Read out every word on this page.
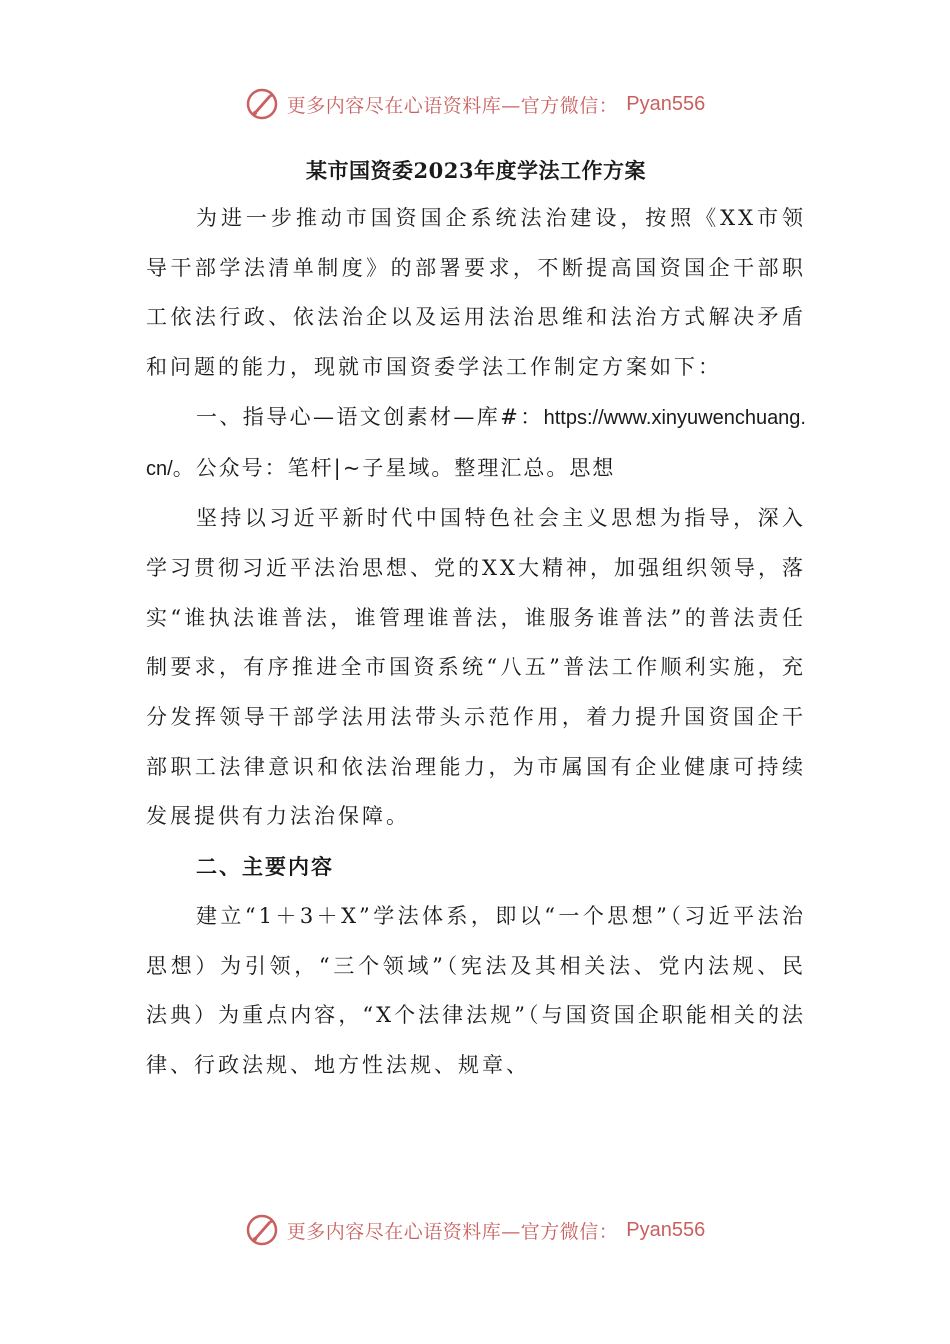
更多内容尽在心语资料库—官方微信： Pyan556
某市国资委2023年度学法工作方案

为进一步推动市国资国企系统法治建设，按照《XX市领导干部学法清单制度》的部署要求，不断提高国资国企干部职工依法行政、依法治企以及运用法治思维和法治方式解决矛盾和问题的能力，现就市国资委学法工作制定方案如下：

一、指导心—语文创素材—库#：https://www.xinyuwenchuang.cn/。公众号：笔杆|~子星域。整理汇总。思想

坚持以习近平新时代中国特色社会主义思想为指导，深入学习贯彻习近平法治思想、党的XX大精神，加强组织领导，落实“谁执法谁普法，谁管理谁普法，谁服务谁普法”的普法责任制要求，有序推进全市国资系统“八五”普法工作顺利实施，充分发挥领导干部学法用法带头示范作用，着力提升国资国企干部职工法律意识和依法治理能力，为市属国有企业健康可持续发展提供有力法治保障。

二、主要内容

建立“1＋3＋X”学法体系，即以“一个思想”（习近平法治思想）为引领，“三个领域”（宪法及其相关法、党内法规、民法典）为重点内容，“X个法律法规”（与国资国企职能相关的法律、行政法规、地方性法规、规章、

更多内容尽在心语资料库—官方微信： Pyan556
